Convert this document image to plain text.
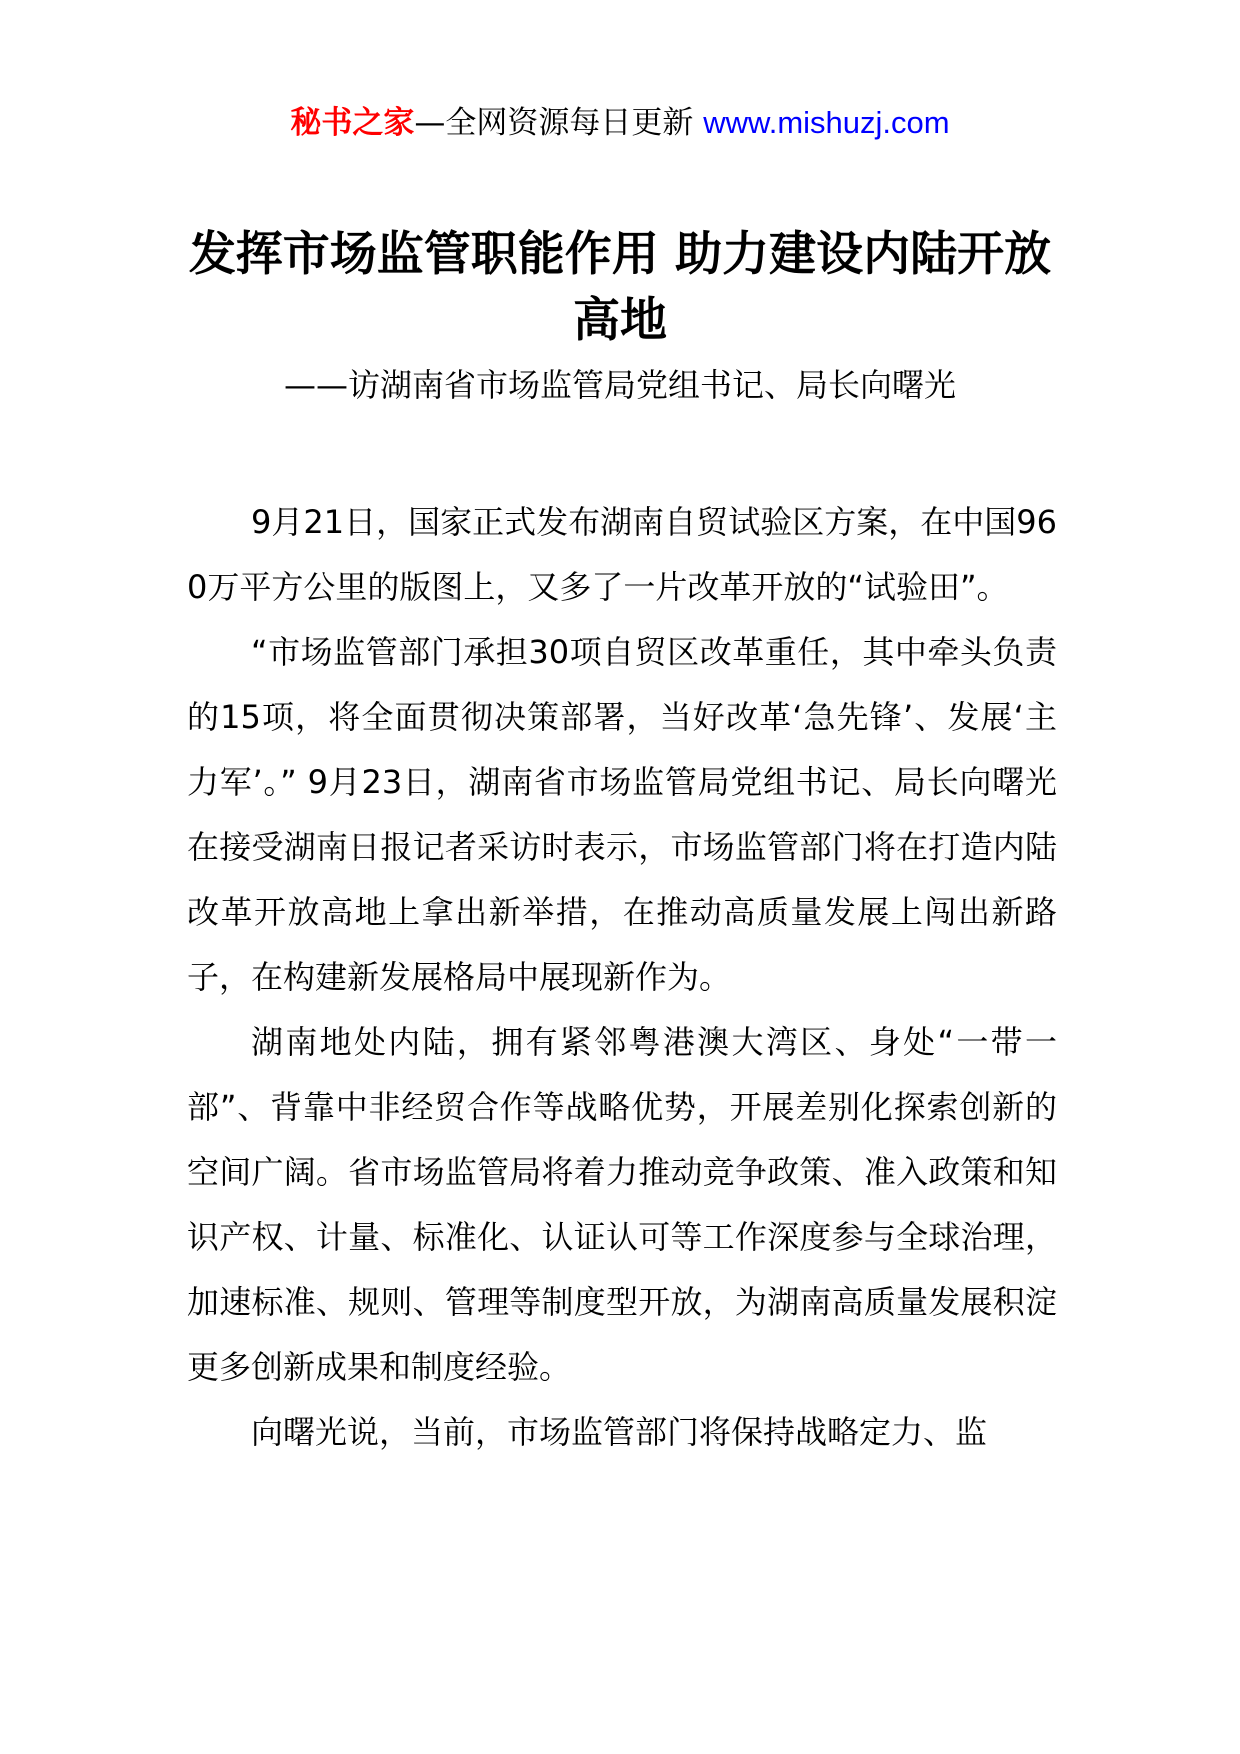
秘书之家—全网资源每日更新 www.mishuzj.com
发挥市场监管职能作用 助力建设内陆开放高地
——访湖南省市场监管局党组书记、局长向曙光

9月21日，国家正式发布湖南自贸试验区方案，在中国960万平方公里的版图上，又多了一片改革开放的“试验田”。

“市场监管部门承担30项自贸区改革重任，其中牵头负责的15项，将全面贯彻决策部署，当好改革‘急先锋’、发展‘主力军’。” 9月23日，湖南省市场监管局党组书记、局长向曙光在接受湖南日报记者采访时表示，市场监管部门将在打造内陆改革开放高地上拿出新举措，在推动高质量发展上闯出新路子，在构建新发展格局中展现新作为。

湖南地处内陆，拥有紧邻粤港澳大湾区、身处“一带一部”、背靠中非经贸合作等战略优势，开展差别化探索创新的空间广阔。省市场监管局将着力推动竞争政策、准入政策和知识产权、计量、标准化、认证认可等工作深度参与全球治理，加速标准、规则、管理等制度型开放，为湖南高质量发展积淀更多创新成果和制度经验。

向曙光说，当前，市场监管部门将保持战略定力、监
